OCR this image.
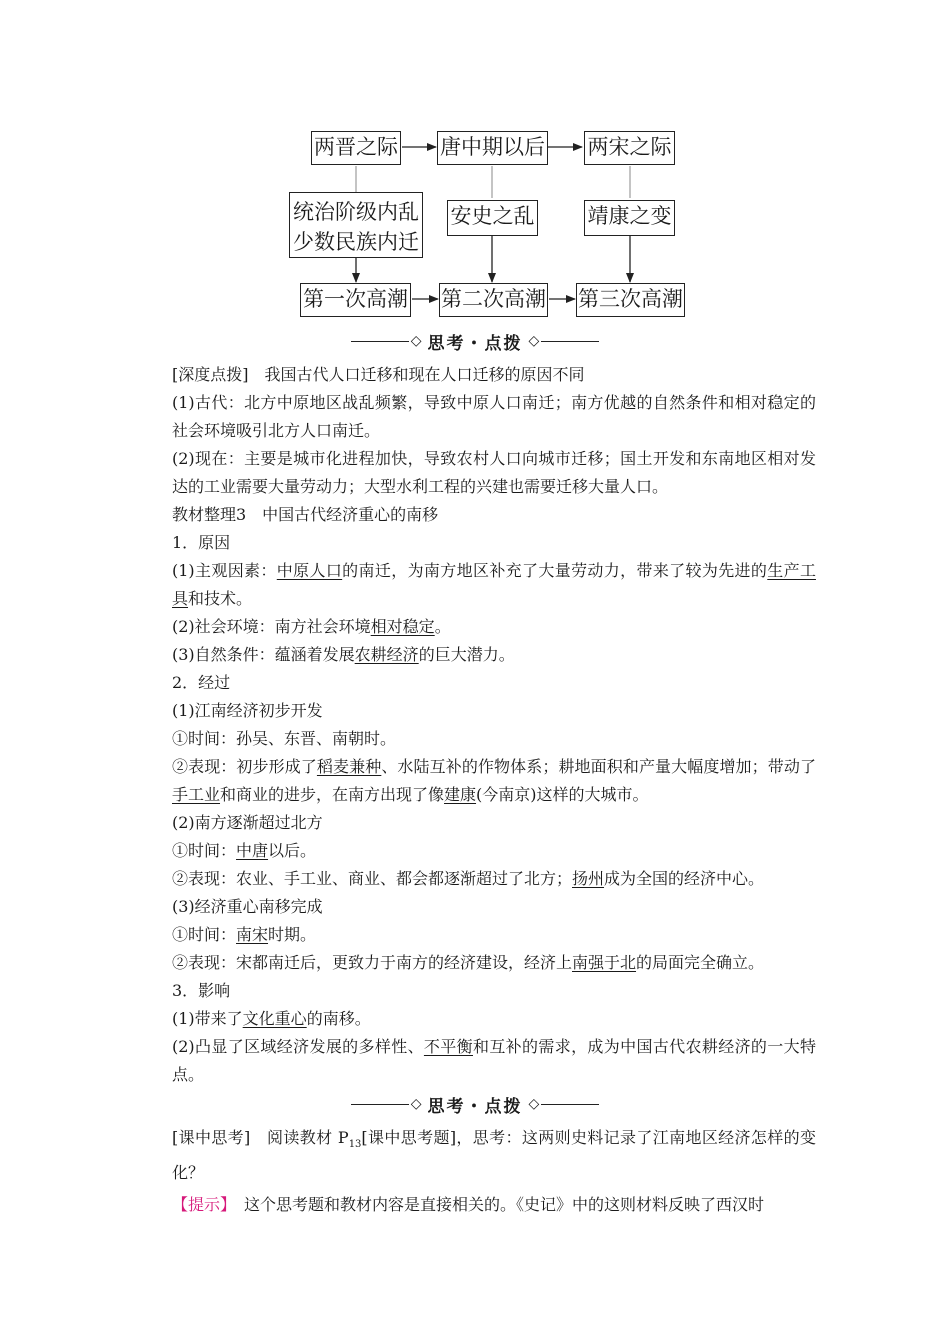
两晋之际 唐中期以后 两宋之际
统治阶级内乱
少数民族内迁
安史之乱	靖康之变
第一次高潮 第二次高潮 第三次高潮
◇ 思考・点拨 ◇

[深度点拨]　 我国古代人口迁移和现在人口迁移的原因不同

(1)古代：北方中原地区战乱频繁，导致中原人口南迁；南方优越的自然条件和相对稳定的社会环境吸引北方人口南迁。

(2)现在：主要是城市化进程加快，导致农村人口向城市迁移；国土开发和东南地区相对发达的工业需要大量劳动力；大型水利工程的兴建也需要迁移大量人口。

教材整理3　中国古代经济重心的南移

1．原因

(1)主观因素：中原人口的南迁，为南方地区补充了大量劳动力，带来了较为先进的生产工具和技术。

(2)社会环境：南方社会环境相对稳定。

(3)自然条件：蕴涵着发展农耕经济的巨大潜力。

2．经过

(1)江南经济初步开发

①时间：孙吴、东晋、南朝时。

②表现：初步形成了稻麦兼种、水陆互补的作物体系；耕地面积和产量大幅度增加；带动了手工业和商业的进步，在南方出现了像建康(今南京)这样的大城市。

(2)南方逐渐超过北方

①时间：中唐以后。

②表现：农业、手工业、商业、都会都逐渐超过了北方；扬州成为全国的经济中心。

(3)经济重心南移完成

①时间：南宋时期。

②表现：宋都南迁后，更致力于南方的经济建设，经济上南强于北的局面完全确立。

3．影响

(1)带来了文化重心的南移。

(2)凸显了区域经济发展的多样性、不平衡和互补的需求，成为中国古代农耕经济的一大特点。

◇ 思考・点拨 ◇

[课中思考]　 阅读教材 $P_{13}$[课中思考题]，思考：这两则史料记录了江南地区经济怎样的变化？

【提示】　 这个思考题和教材内容是直接相关的。《史记》中的这则材料反映了西汉时
